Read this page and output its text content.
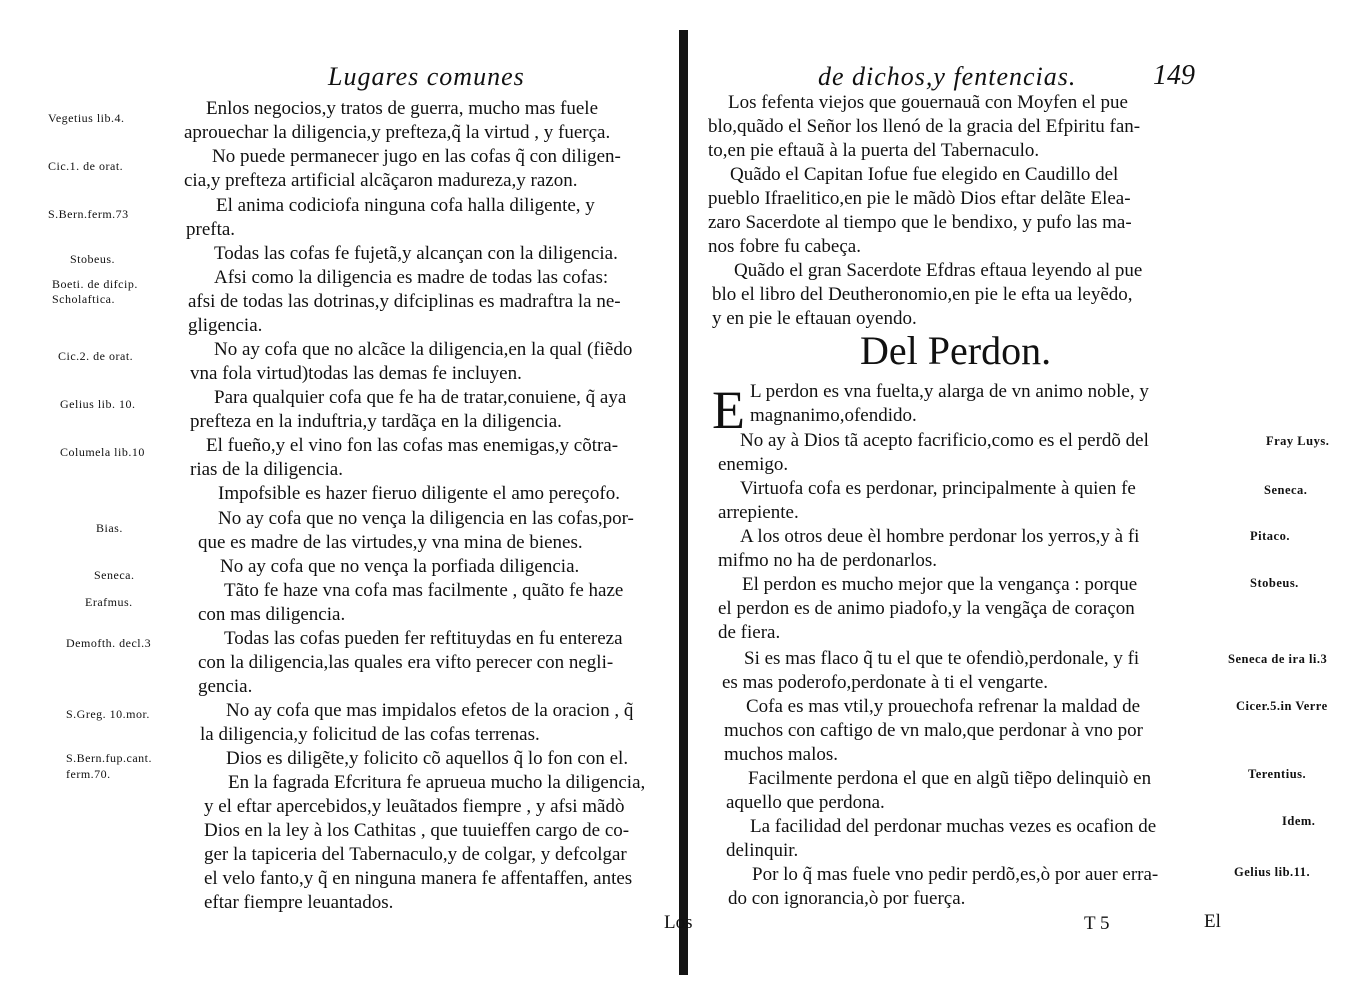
Lugares comunes
Vegetius lib.4.
Cic.1. de orat.
S.Bern.ferm.73
Stobeus.
Boeti. de difcip.
Scholaftica.
Cic.2. de orat.
Gelius lib. 10.
Columela lib.10
Bias.
Seneca.
Erafmus.
Demofth. decl.3
S.Greg. 10.mor.
S.Bern.fup.cant.
ferm.70.
Enlos negocios,y tratos de guerra, mucho mas fuele
aprouechar la diligencia,y prefteza,q̃ la virtud , y fuerça.
No puede permanecer jugo en las cofas q̃ con diligen-
cia,y prefteza artificial alcãçaron madureza,y razon.
El anima codiciofa ninguna cofa halla diligente, y
prefta.
Todas las cofas fe fujetã,y alcançan con la diligencia.
Afsi como la diligencia es madre de todas las cofas:
afsi de todas las dotrinas,y difciplinas es madraftra la ne-
gligencia.
No ay cofa que no alcãce la diligencia,en la qual (fiẽdo
vna fola virtud)todas las demas fe incluyen.
Para qualquier cofa que fe ha de tratar,conuiene, q̃ aya
prefteza en la induftria,y tardãça en la diligencia.
El fueño,y el vino fon las cofas mas enemigas,y cõtra-
rias de la diligencia.
Impofsible es hazer fieruo diligente el amo pereçofo.
No ay cofa que no vença la diligencia en las cofas,por-
que es madre de las virtudes,y vna mina de bienes.
No ay cofa que no vença la porfiada diligencia.
Tãto fe haze vna cofa mas facilmente , quãto fe haze
con mas diligencia.
Todas las cofas pueden fer reftituydas en fu entereza
con la diligencia,las quales era vifto perecer con negli-
gencia.
No ay cofa que mas impidalos efetos de la oracion , q̃
la diligencia,y folicitud de las cofas terrenas.
Dios es diligẽte,y folicito cõ aquellos q̃ lo fon con el.
En la fagrada Efcritura fe aprueua mucho la diligencia,
y el eftar apercebidos,y leuãtados fiempre , y afsi mãdò
Dios en la ley à los Cathitas , que tuuieffen cargo de co-
ger la tapiceria del Tabernaculo,y de colgar, y defcolgar
el velo fanto,y q̃ en ninguna manera fe affentaffen, antes
eftar fiempre leuantados.
Los
de dichos,y fentencias.	149
Los fefenta viejos que gouernauã con Moyfen el pue
blo,quãdo el Señor los llenó de la gracia del Efpiritu fan-
to,en pie eftauã à la puerta del Tabernaculo.
Quãdo el Capitan Iofue fue elegido en Caudillo del
pueblo Ifraelitico,en pie le mãdò Dios eftar delãte Elea-
zaro Sacerdote al tiempo que le bendixo, y pufo las ma-
nos fobre fu cabeça.
Quãdo el gran Sacerdote Efdras eftaua leyendo al pue
blo el libro del Deutheronomio,en pie le efta ua leyẽdo,
y en pie le eftauan oyendo.
Del Perdon.
E L perdon es vna fuelta,y alarga de vn animo noble, y
magnanimo,ofendido.
No ay à Dios tã acepto facrificio,como es el perdõ del
enemigo.
Virtuofa cofa es perdonar, principalmente à quien fe
arrepiente.
A los otros deue èl hombre perdonar los yerros,y à fi
mifmo no ha de perdonarlos.
El perdon es mucho mejor que la vengança : porque
el perdon es de animo piadofo,y la vengãça de coraçon
de fiera.
Si es mas flaco q̃ tu el que te ofendiò,perdonale, y fi
es mas poderofo,perdonate à ti el vengarte.
Cofa es mas vtil,y prouechofa refrenar la maldad de
muchos con caftigo de vn malo,que perdonar à vno por
muchos malos.
Facilmente perdona el que en algũ tiẽpo delinquiò en
aquello que perdona.
La facilidad del perdonar muchas vezes es ocafion de
delinquir.
Por lo q̃ mas fuele vno pedir perdõ,es,ò por auer erra-
do con ignorancia,ò por fuerça.
Fray Luys.
Seneca.
Pitaco.
Stobeus.
Seneca de ira li.3
Cicer.5.in Verre
Terentius.
Idem.
Gelius lib.11.
T 5	El
